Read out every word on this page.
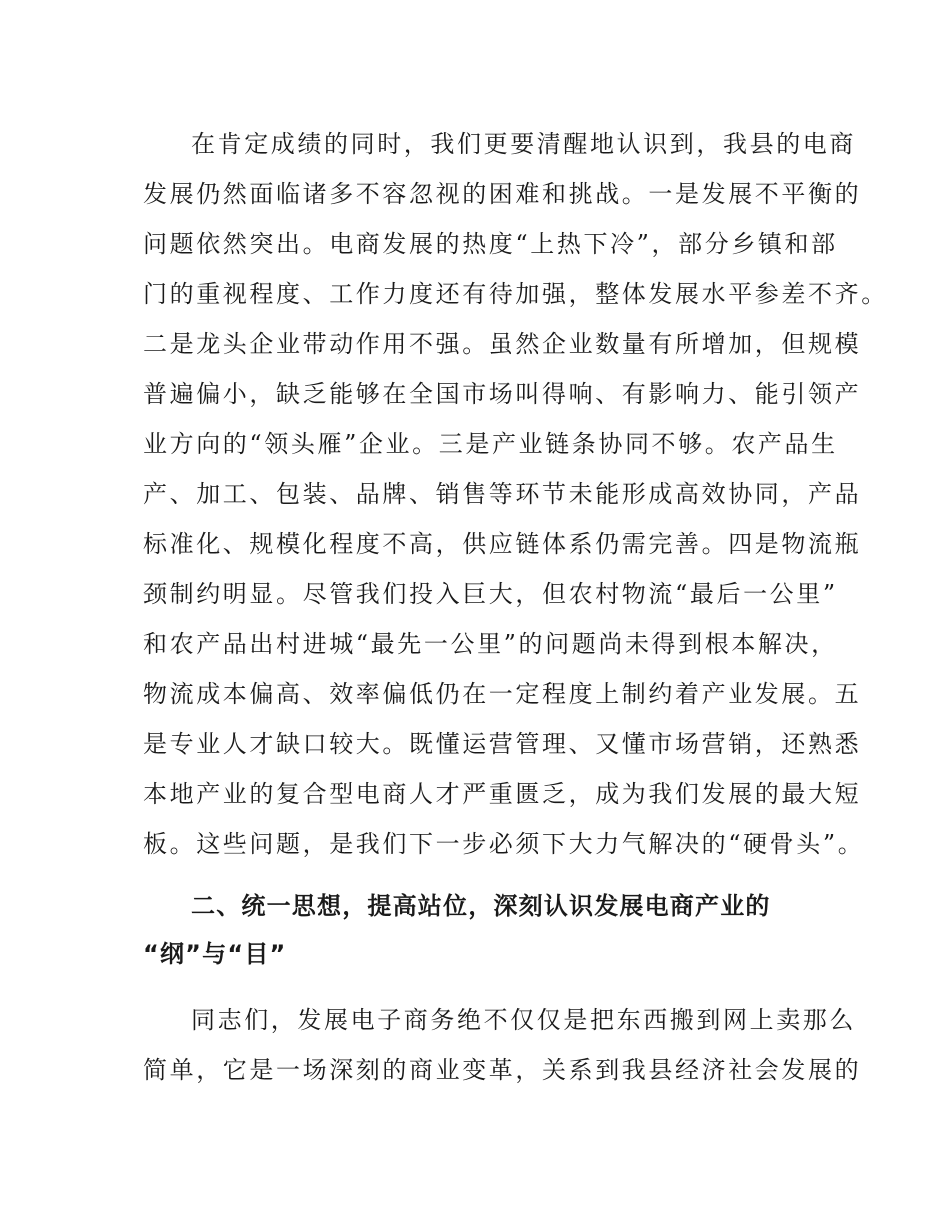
在肯定成绩的同时，我们更要清醒地认识到，我县的电商
发展仍然面临诸多不容忽视的困难和挑战。一是发展不平衡的
问题依然突出。电商发展的热度“上热下冷”，部分乡镇和部
门的重视程度、工作力度还有待加强，整体发展水平参差不齐。
二是龙头企业带动作用不强。虽然企业数量有所增加，但规模
普遍偏小，缺乏能够在全国市场叫得响、有影响力、能引领产
业方向的“领头雁”企业。三是产业链条协同不够。农产品生
产、加工、包装、品牌、销售等环节未能形成高效协同，产品
标准化、规模化程度不高，供应链体系仍需完善。四是物流瓶
颈制约明显。尽管我们投入巨大，但农村物流“最后一公里”
和农产品出村进城“最先一公里”的问题尚未得到根本解决，
物流成本偏高、效率偏低仍在一定程度上制约着产业发展。五
是专业人才缺口较大。既懂运营管理、又懂市场营销，还熟悉
本地产业的复合型电商人才严重匮乏，成为我们发展的最大短
板。这些问题，是我们下一步必须下大力气解决的“硬骨头”。
二、统一思想，提高站位，深刻认识发展电商产业的
“纲”与“目”
同志们，发展电子商务绝不仅仅是把东西搬到网上卖那么
简单，它是一场深刻的商业变革，关系到我县经济社会发展的
